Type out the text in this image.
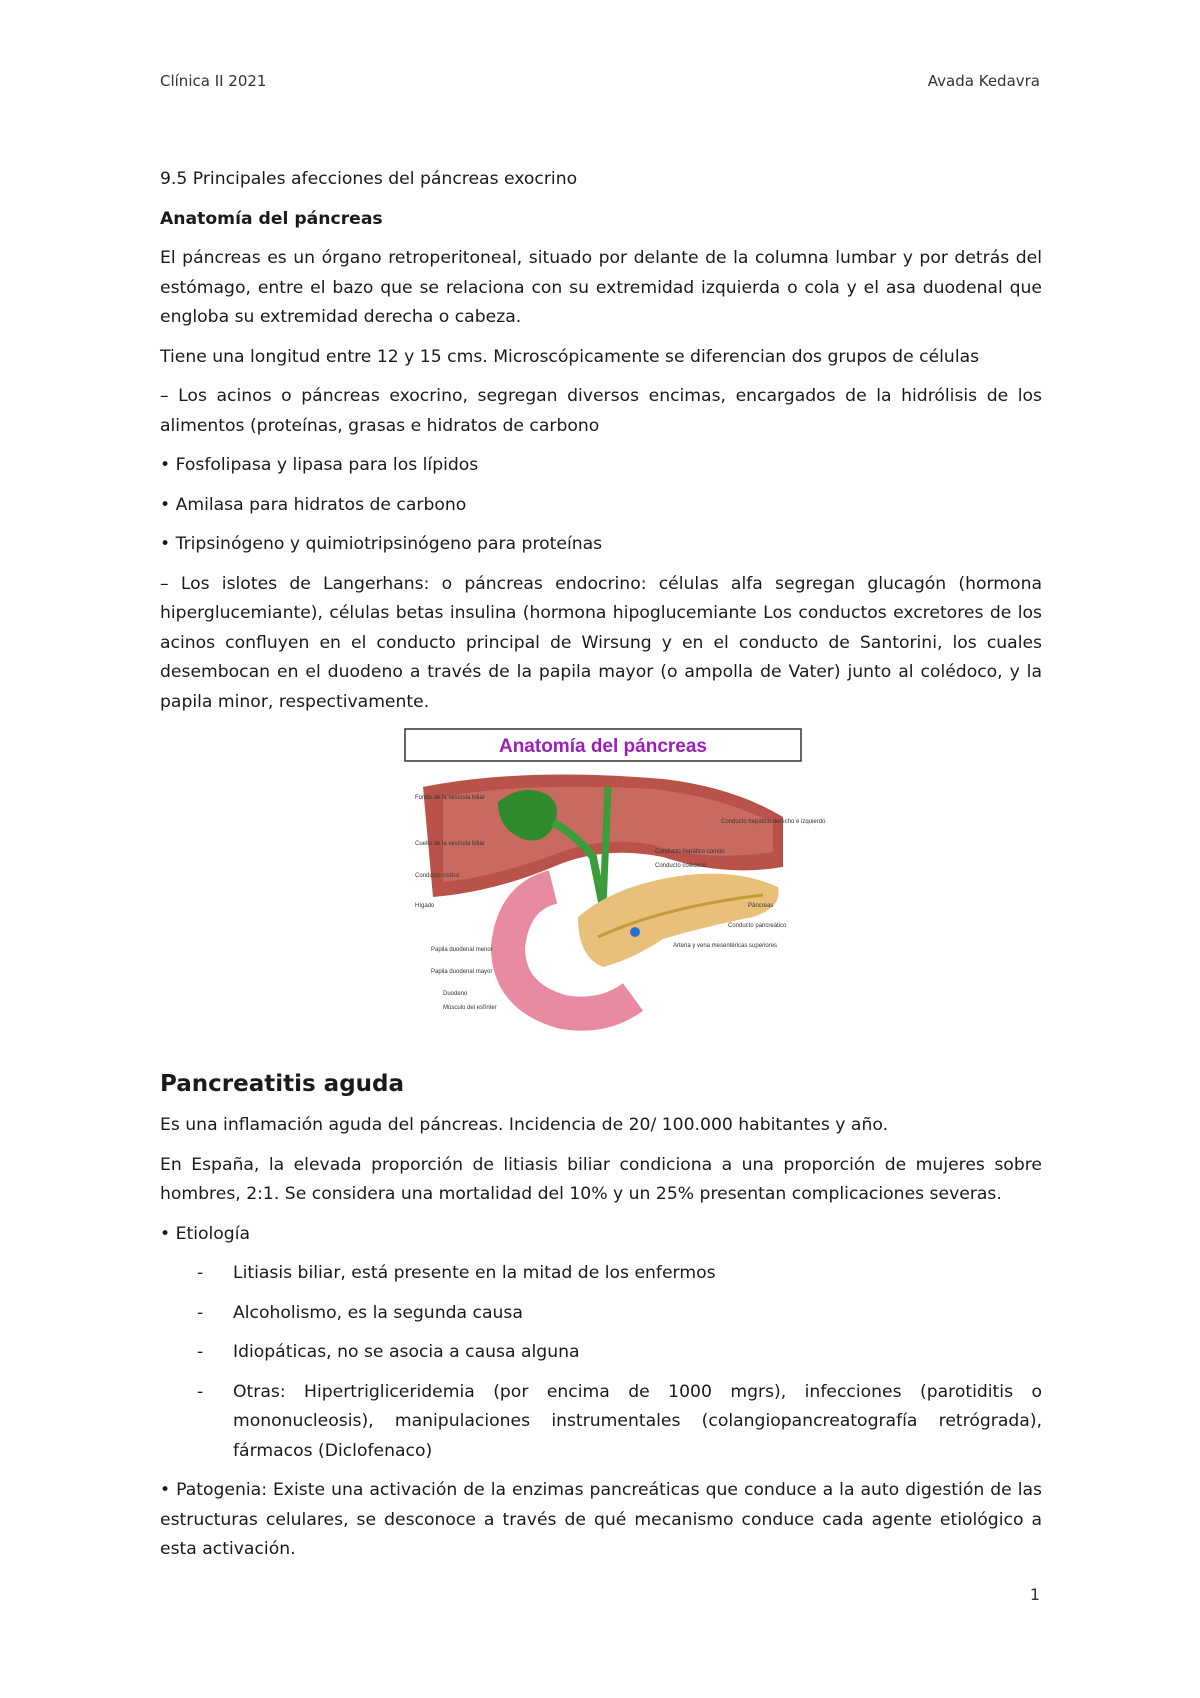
Clínica II 2021	Avada Kedavra

9.5 Principales afecciones del páncreas exocrino

Anatomía del páncreas

El páncreas es un órgano retroperitoneal, situado por delante de la columna lumbar y por detrás del estómago, entre el bazo que se relaciona con su extremidad izquierda o cola y el asa duodenal que engloba su extremidad derecha o cabeza.

Tiene una longitud entre 12 y 15 cms. Microscópicamente se diferencian dos grupos de células

– Los acinos o páncreas exocrino, segregan diversos encimas, encargados de la hidrólisis de los alimentos (proteínas, grasas e hidratos de carbono

• Fosfolipasa y lipasa para los lípidos

• Amilasa para hidratos de carbono

• Tripsinógeno y quimiotripsinógeno para proteínas

– Los islotes de Langerhans: o páncreas endocrino: células alfa segregan glucagón (hormona hiperglucemiante), células betas insulina (hormona hipoglucemiante Los conductos excretores de los acinos confluyen en el conducto principal de Wirsung y en el conducto de Santorini, los cuales desembocan en el duodeno a través de la papila mayor (o ampolla de Vater) junto al colédoco, y la papila minor, respectivamente.

Anatomía del páncreas
Fondo de la vesícula biliar
Cuello de la vesícula biliar
Conducto cístico
Hígado
Papila duodenal menor
Papila duodenal mayor
Duodeno
Músculo del esfínter
Conducto hepático derecho e izquierdo
Conducto hepático común
Conducto colédoco
Páncreas
Conducto pancreático
Arteria y vena mesentéricas superiores
Pancreatitis aguda

Es una inflamación aguda del páncreas. Incidencia de 20/ 100.000 habitantes y año.

En España, la elevada proporción de litiasis biliar condiciona a una proporción de mujeres sobre hombres, 2:1. Se considera una mortalidad del 10% y un 25% presentan complicaciones severas.

• Etiología

- Litiasis biliar, está presente en la mitad de los enfermos
- Alcoholismo, es la segunda causa
- Idiopáticas, no se asocia a causa alguna
- Otras: Hipertrigliceridemia (por encima de 1000 mgrs), infecciones (parotiditis o mononucleosis), manipulaciones instrumentales (colangiopancreatografía retrógrada), fármacos (Diclofenaco)

• Patogenia: Existe una activación de la enzimas pancreáticas que conduce a la auto digestión de las estructuras celulares, se desconoce a través de qué mecanismo conduce cada agente etiológico a esta activación.

1
